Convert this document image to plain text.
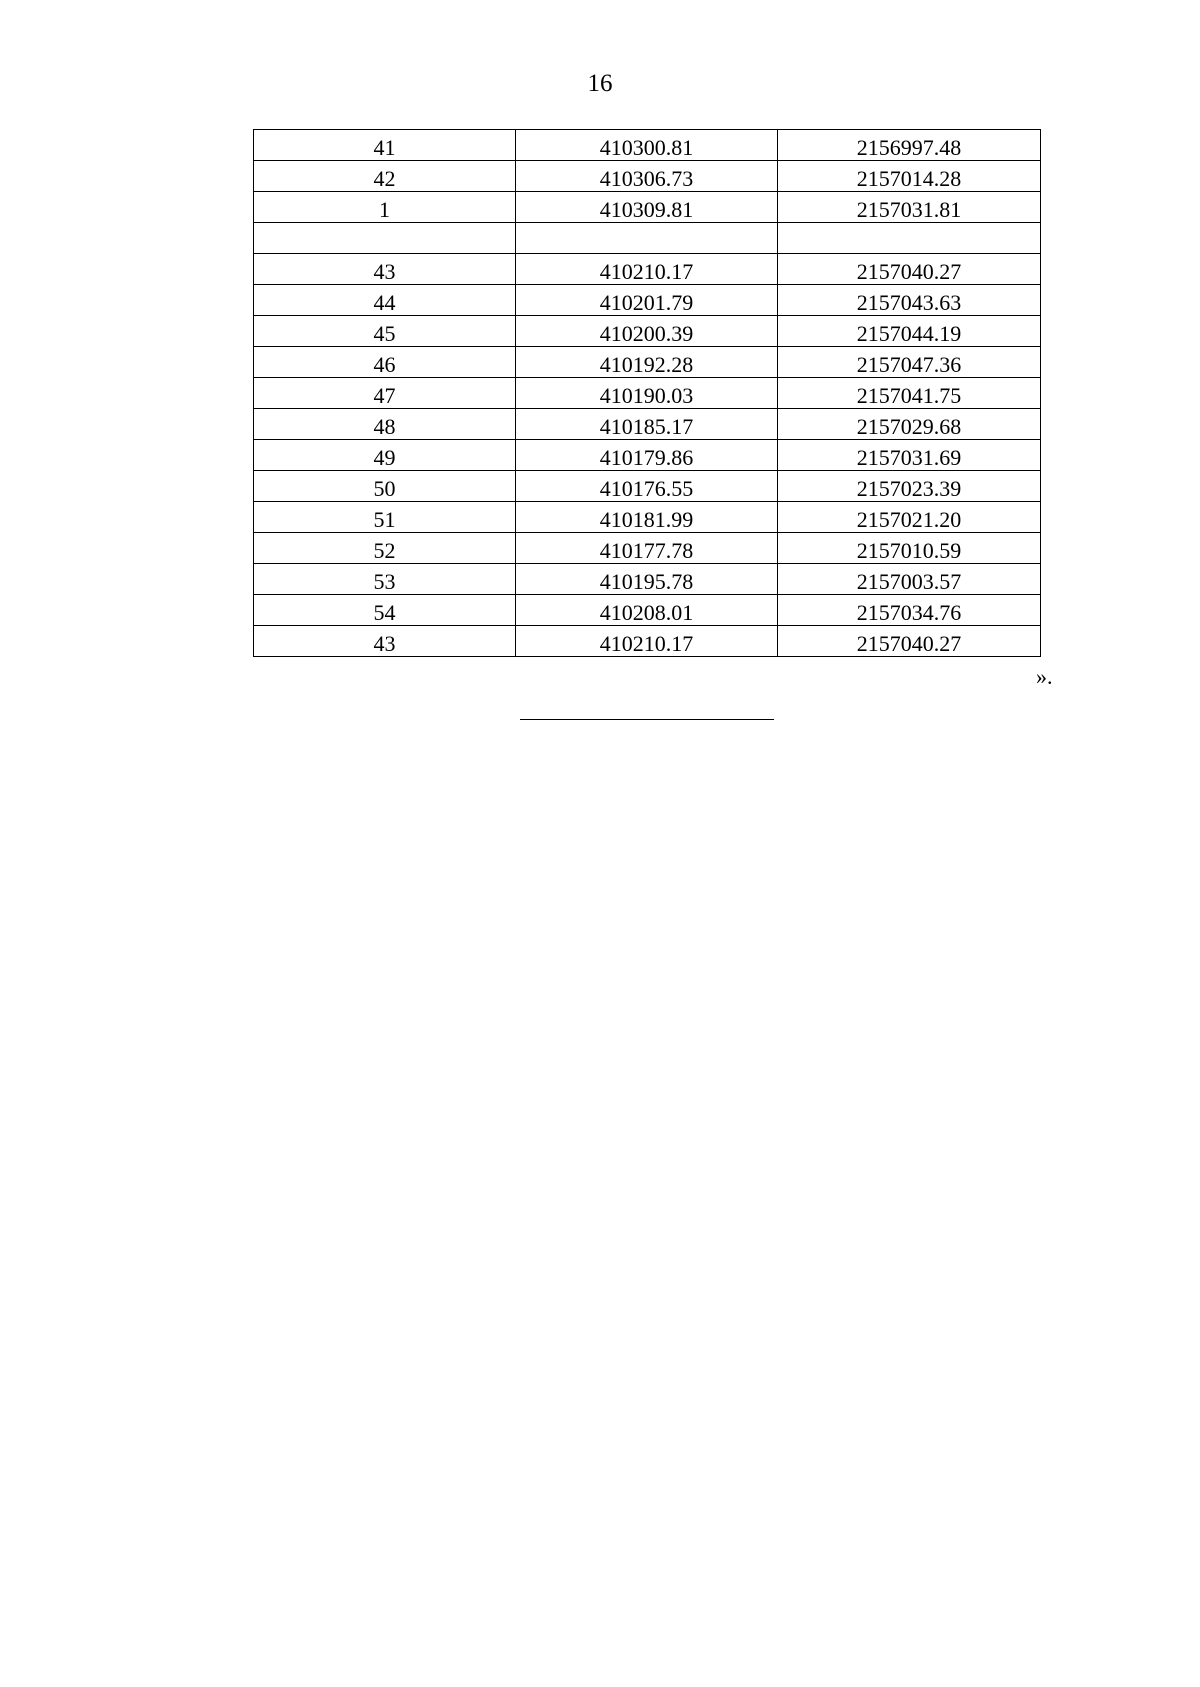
16
41	410300.81	2156997.48
42	410306.73	2157014.28
1	410309.81	2157031.81

43	410210.17	2157040.27
44	410201.79	2157043.63
45	410200.39	2157044.19
46	410192.28	2157047.36
47	410190.03	2157041.75
48	410185.17	2157029.68
49	410179.86	2157031.69
50	410176.55	2157023.39
51	410181.99	2157021.20
52	410177.78	2157010.59
53	410195.78	2157003.57
54	410208.01	2157034.76
43	410210.17	2157040.27
».
